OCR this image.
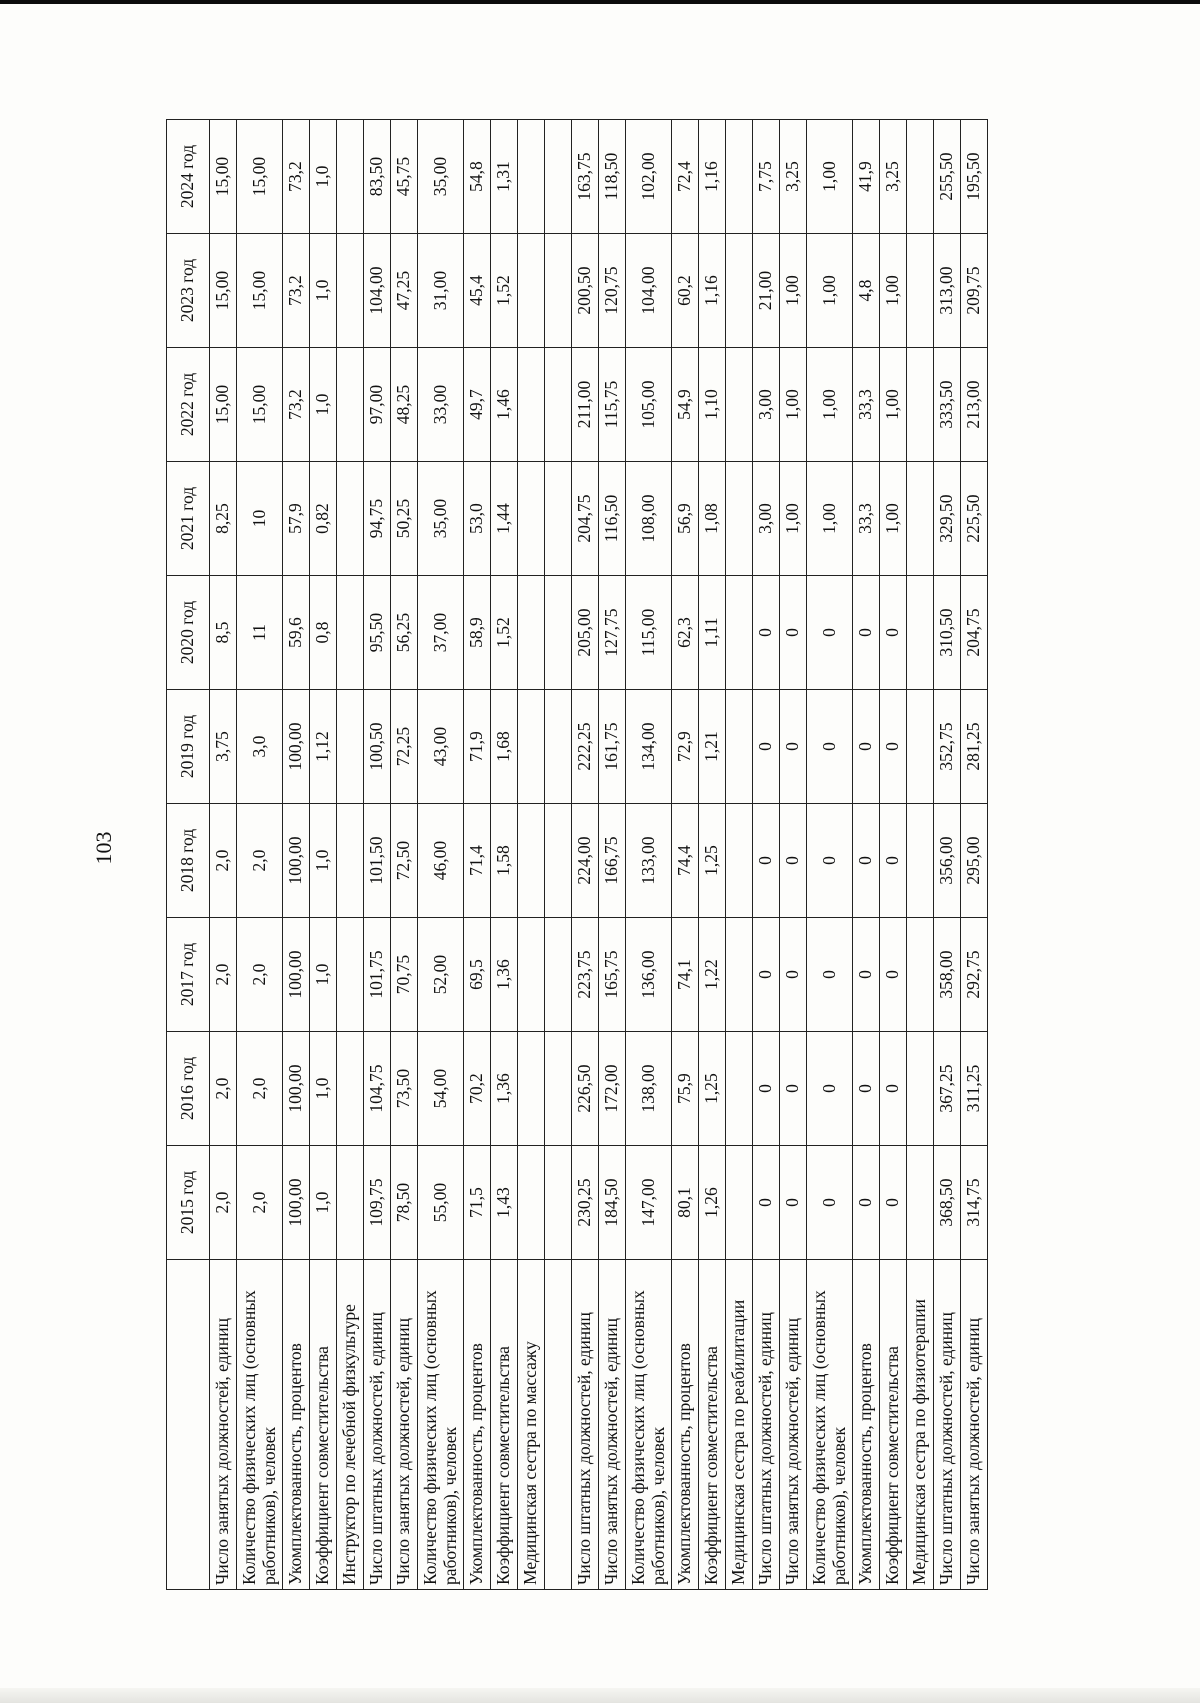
103
	2015 год	2016 год	2017 год	2018 год	2019 год	2020 год	2021 год	2022 год	2023 год	2024 год
Число занятых должностей, единиц	2,0	2,0	2,0	2,0	3,75	8,5	8,25	15,00	15,00	15,00
Количество физических лиц (основных работников), человек	2,0	2,0	2,0	2,0	3,0	11	10	15,00	15,00	15,00
Укомплектованность, процентов	100,00	100,00	100,00	100,00	100,00	59,6	57,9	73,2	73,2	73,2
Коэффициент совместительства	1,0	1,0	1,0	1,0	1,12	0,8	0,82	1,0	1,0	1,0
Инструктор по лечебной физкультуре										
Число штатных должностей, единиц	109,75	104,75	101,75	101,50	100,50	95,50	94,75	97,00	104,00	83,50
Число занятых должностей, единиц	78,50	73,50	70,75	72,50	72,25	56,25	50,25	48,25	47,25	45,75
Количество физических лиц (основных работников), человек	55,00	54,00	52,00	46,00	43,00	37,00	35,00	33,00	31,00	35,00
Укомплектованность, процентов	71,5	70,2	69,5	71,4	71,9	58,9	53,0	49,7	45,4	54,8
Коэффициент совместительства	1,43	1,36	1,36	1,58	1,68	1,52	1,44	1,46	1,52	1,31
Медицинская сестра по массажу										

Число штатных должностей, единиц	230,25	226,50	223,75	224,00	222,25	205,00	204,75	211,00	200,50	163,75
Число занятых должностей, единиц	184,50	172,00	165,75	166,75	161,75	127,75	116,50	115,75	120,75	118,50
Количество физических лиц (основных работников), человек	147,00	138,00	136,00	133,00	134,00	115,00	108,00	105,00	104,00	102,00
Укомплектованность, процентов	80,1	75,9	74,1	74,4	72,9	62,3	56,9	54,9	60,2	72,4
Коэффициент совместительства	1,26	1,25	1,22	1,25	1,21	1,11	1,08	1,10	1,16	1,16
Медицинская сестра по реабилитации										
Число штатных должностей, единиц	0	0	0	0	0	0	3,00	3,00	21,00	7,75
Число занятых должностей, единиц	0	0	0	0	0	0	1,00	1,00	1,00	3,25
Количество физических лиц (основных работников), человек	0	0	0	0	0	0	1,00	1,00	1,00	1,00
Укомплектованность, процентов	0	0	0	0	0	0	33,3	33,3	4,8	41,9
Коэффициент совместительства	0	0	0	0	0	0	1,00	1,00	1,00	3,25
Медицинская сестра по физиотерапии										
Число штатных должностей, единиц	368,50	367,25	358,00	356,00	352,75	310,50	329,50	333,50	313,00	255,50
Число занятых должностей, единиц	314,75	311,25	292,75	295,00	281,25	204,75	225,50	213,00	209,75	195,50
